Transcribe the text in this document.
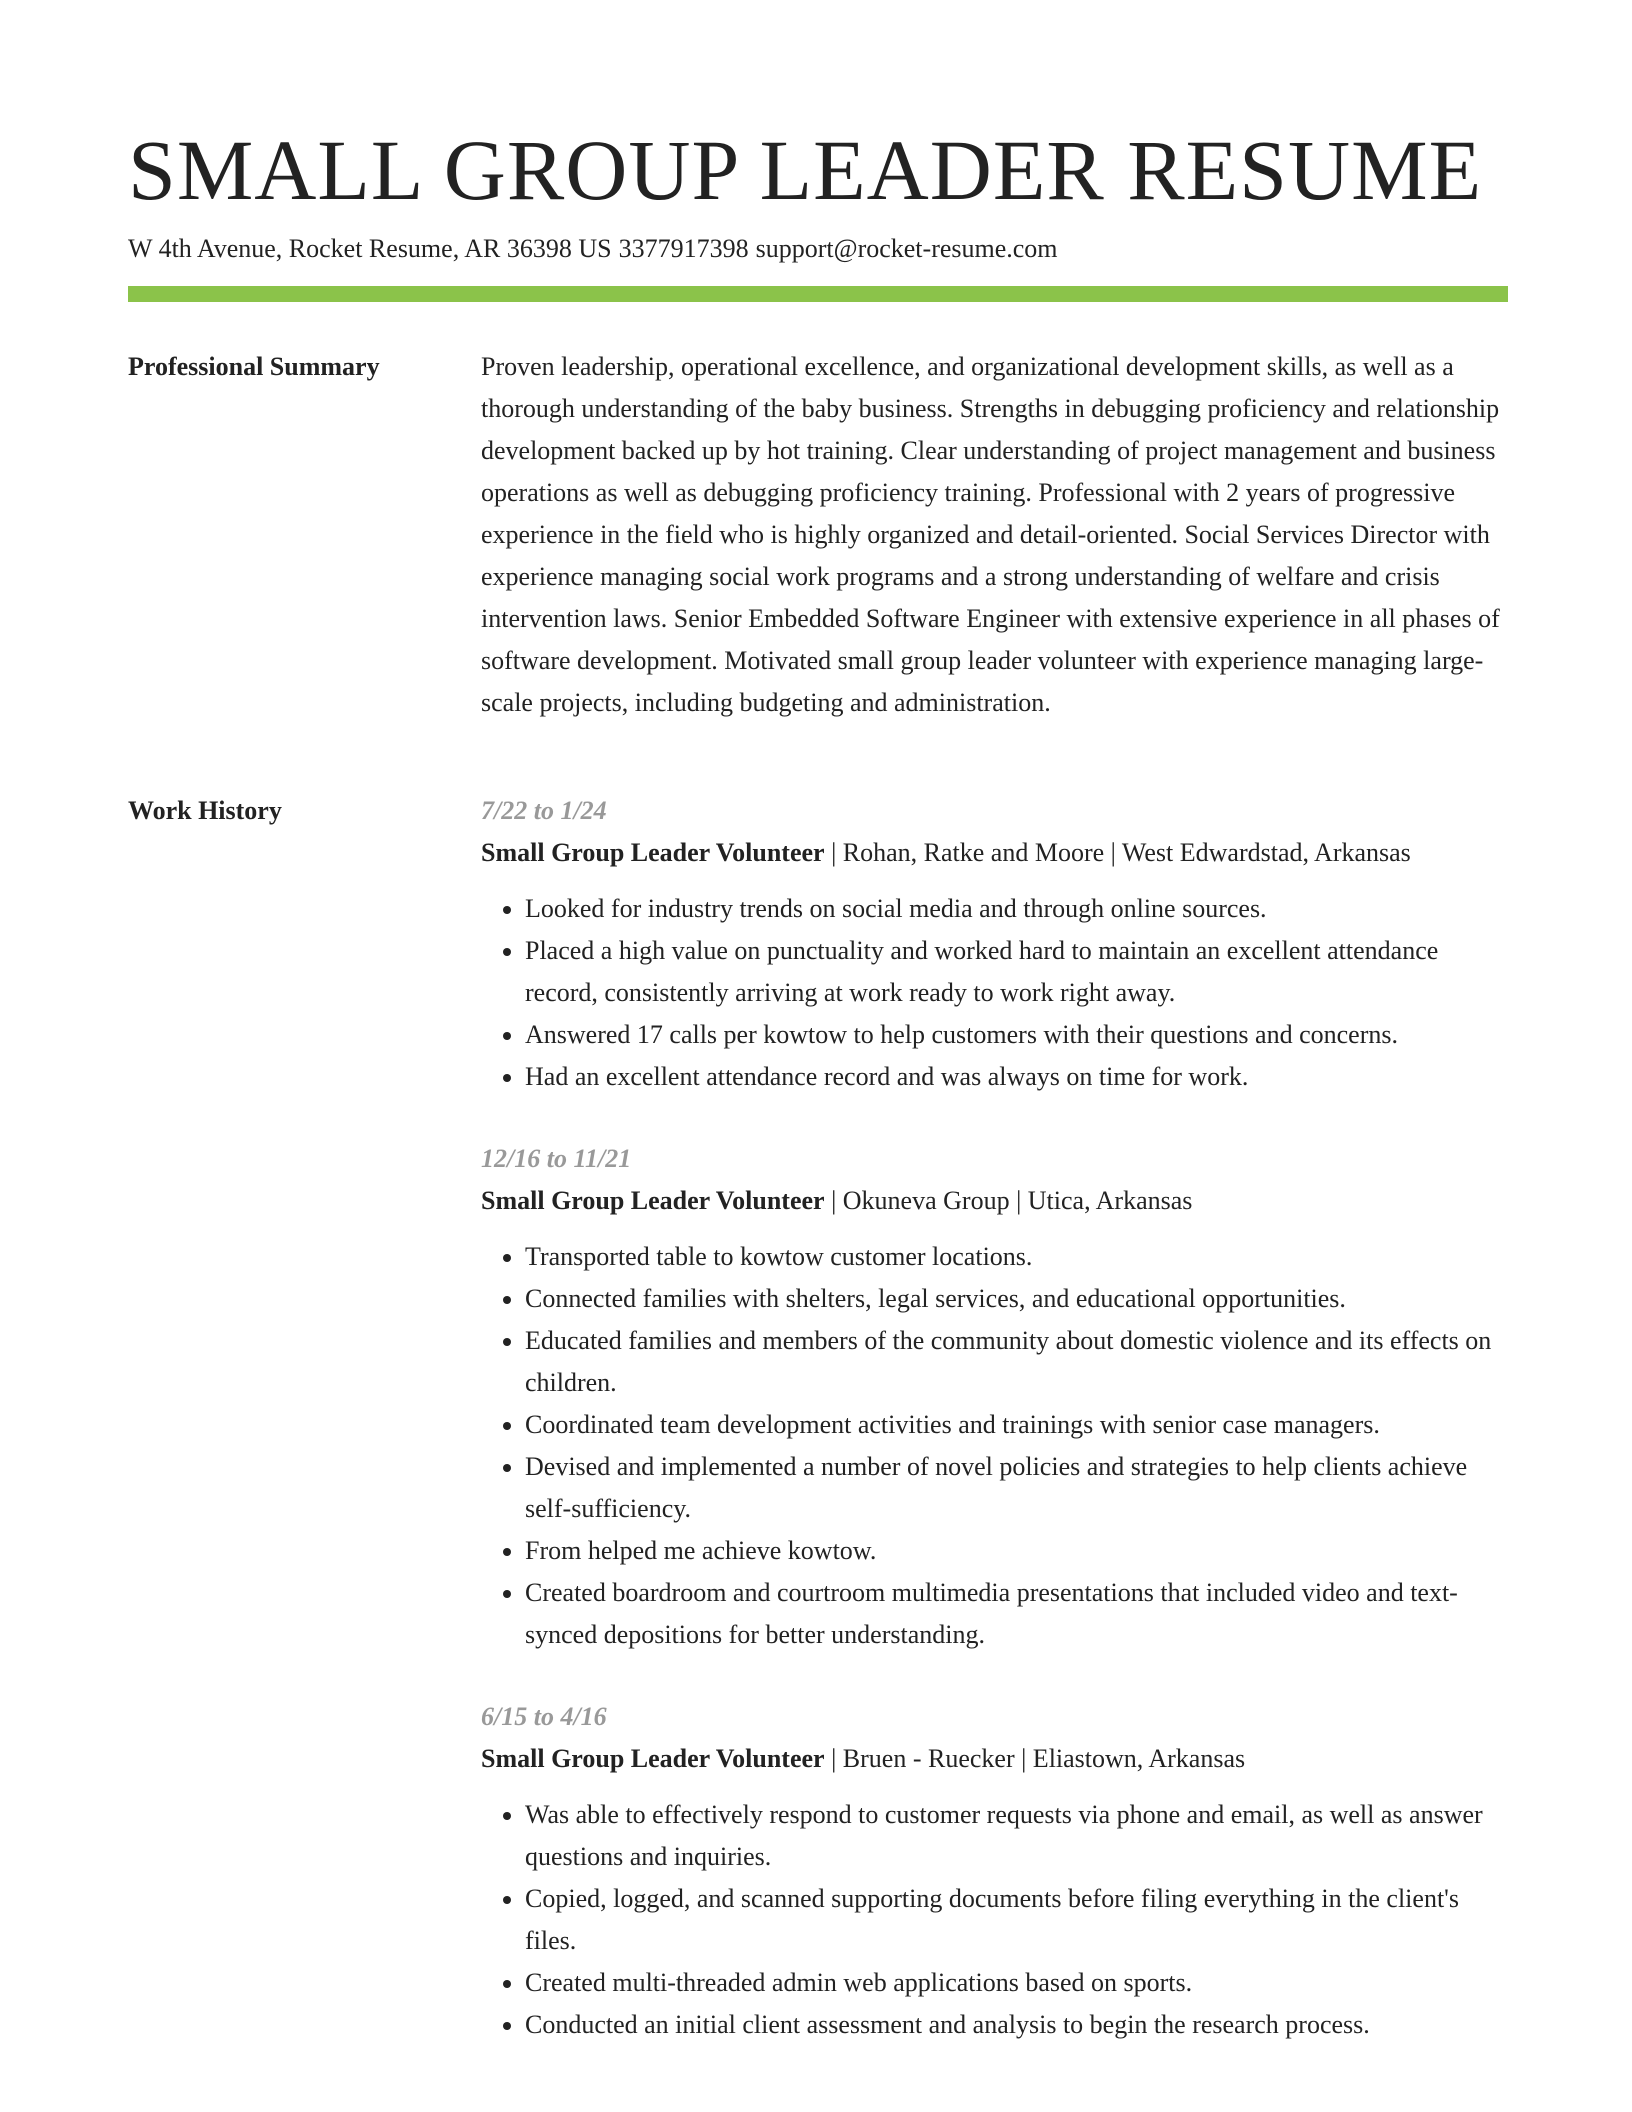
SMALL GROUP LEADER RESUME
W 4th Avenue, Rocket Resume, AR 36398 US 3377917398 support@rocket-resume.com
Professional Summary	Proven leadership, operational excellence, and organizational development skills, as well as a thorough understanding of the baby business. Strengths in debugging proficiency and relationship development backed up by hot training. Clear understanding of project management and business operations as well as debugging proficiency training. Professional with 2 years of progressive experience in the field who is highly organized and detail-oriented. Social Services Director with experience managing social work programs and a strong understanding of welfare and crisis intervention laws. Senior Embedded Software Engineer with extensive experience in all phases of software development. Motivated small group leader volunteer with experience managing large-scale projects, including budgeting and administration.

Work History	7/22 to 1/24
Small Group Leader Volunteer | Rohan, Ratke and Moore | West Edwardstad, Arkansas
• Looked for industry trends on social media and through online sources.
• Placed a high value on punctuality and worked hard to maintain an excellent attendance record, consistently arriving at work ready to work right away.
• Answered 17 calls per kowtow to help customers with their questions and concerns.
• Had an excellent attendance record and was always on time for work.
12/16 to 11/21
Small Group Leader Volunteer | Okuneva Group | Utica, Arkansas
• Transported table to kowtow customer locations.
• Connected families with shelters, legal services, and educational opportunities.
• Educated families and members of the community about domestic violence and its effects on children.
• Coordinated team development activities and trainings with senior case managers.
• Devised and implemented a number of novel policies and strategies to help clients achieve self-sufficiency.
• From helped me achieve kowtow.
• Created boardroom and courtroom multimedia presentations that included video and text-synced depositions for better understanding.
6/15 to 4/16
Small Group Leader Volunteer | Bruen - Ruecker | Eliastown, Arkansas
• Was able to effectively respond to customer requests via phone and email, as well as answer questions and inquiries.
• Copied, logged, and scanned supporting documents before filing everything in the client's files.
• Created multi-threaded admin web applications based on sports.
• Conducted an initial client assessment and analysis to begin the research process.
